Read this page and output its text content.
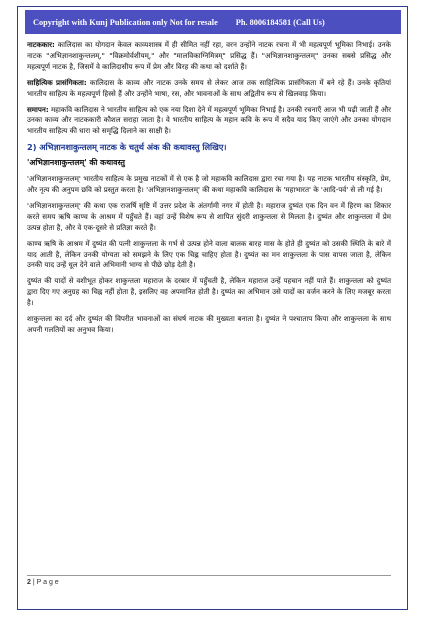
Copyright with Kunj Publication only Not for resale Ph. 8006184581 (Call Us)

नाटककार: कालिदास का योगदान केवल काव्यशास्त्र में ही सीमित नहीं रहा, वरन उन्होंने नाटक रचना में भी महत्वपूर्ण भूमिका निभाई। उनके नाटक "अभिज्ञानशाकुन्तलम्," "विक्रमोर्वशीयम्," और "मालविकाग्निमित्रम्" प्रसिद्ध हैं। "अभिज्ञानशाकुन्तलम्" उनका सबसे प्रसिद्ध और महत्वपूर्ण नाटक है, जिसमें वे कालिदासीय रूप में प्रेम और विरह की कथा को दर्शाते हैं।

साहित्यिक प्रासंगिकता: कालिदास के काव्य और नाटक उनके समय से लेकर आज तक साहित्यिक प्रासंगिकता में बने रहे हैं। उनके कृतियां भारतीय साहित्य के महत्वपूर्ण हिस्से हैं और उन्होंने भाषा, रस, और भावनाओं के साथ अद्वितीय रूप से खिलवाड़ किया।

समापन: महाकवि कालिदास ने भारतीय साहित्य को एक नया दिशा देने में महत्वपूर्ण भूमिका निभाई है। उनकी रचनाएँ आज भी पढ़ी जाती हैं और उनका काव्य और नाटककारी कौशल सराहा जाता है। वे भारतीय साहित्य के महान कवि के रूप में सदैव याद किए जाएंगे और उनका योगदान भारतीय साहित्य की धारा को समृद्धि दिलाने का साक्षी है।

2) अभिज्ञानशाकुन्तलम् नाटक के चतुर्थ अंक की कथावस्तु लिखिए।
'अभिज्ञानशाकुन्तलम्' की कथावस्तु

'अभिज्ञानशाकुन्तलम्' भारतीय साहित्य के प्रमुख नाटकों में से एक है जो महाकवि कालिदास द्वारा रचा गया है। यह नाटक भारतीय संस्कृति, प्रेम, और नृत्य की अनुपम छवि को प्रस्तुत करता है। 'अभिज्ञानशाकुन्तलम्' की कथा महाकवि कालिदास के 'महाभारत' के 'आदि-पर्व' से ली गई है।

'अभिज्ञानशाकुन्तलम्' की कथा एक राजर्षि सृष्टि में उत्तर प्रदेश के अंतर्गामी नगर में होती है। महाराज दुष्यंत एक दिन वन में हिरण का शिकार करते समय ऋषि काण्व के आश्रम में पहुँचते हैं। वहां उन्हें विशेष रूप से शापित सुंदरी शाकुन्तला से मिलता है। दुष्यंत और शाकुन्तला में प्रेम उत्पन्न होता है, और वे एक-दूसरे से प्रतिज्ञा करते हैं।

काण्व ऋषि के आश्रम में दुष्यंत की पत्नी शाकुन्तला के गर्भ से उत्पन्न होने वाला बालक बारह मास के होते ही दुष्यंत को उसकी स्थिति के बारे में याद आती है, लेकिन उनकी योग्यता को समझने के लिए एक चिह्न चाहिए होता है। दुष्यंत का मन शाकुन्तला के पास वापस जाता है, लेकिन उनकी याद उन्हें धूल देने वाले अभिमानी भाग्य से पीछे छोड़ देती है।

दुष्यंत की यादों से वशीभूत होकर शाकुन्तला महाराज के दरबार में पहुँचती है, लेकिन महाराज उन्हें पहचान नहीं पाते हैं। शाकुन्तला को दुष्यंत द्वारा दिए गए अनुग्रह का चिह्न नहीं होता है, इसलिए वह अपमानित होती है। दुष्यंत का अभिमान उसे यादों का वर्जन करने के लिए मजबूर करता है।

शाकुन्तला का दर्द और दुष्यंत की विपरीत भावनाओं का संघर्ष नाटक की मुख्यता बनाता है। दुष्यंत ने पश्चाताप किया और शाकुन्तला के साथ अपनी गलतियों का अनुभव किया।

2 | P a g e
